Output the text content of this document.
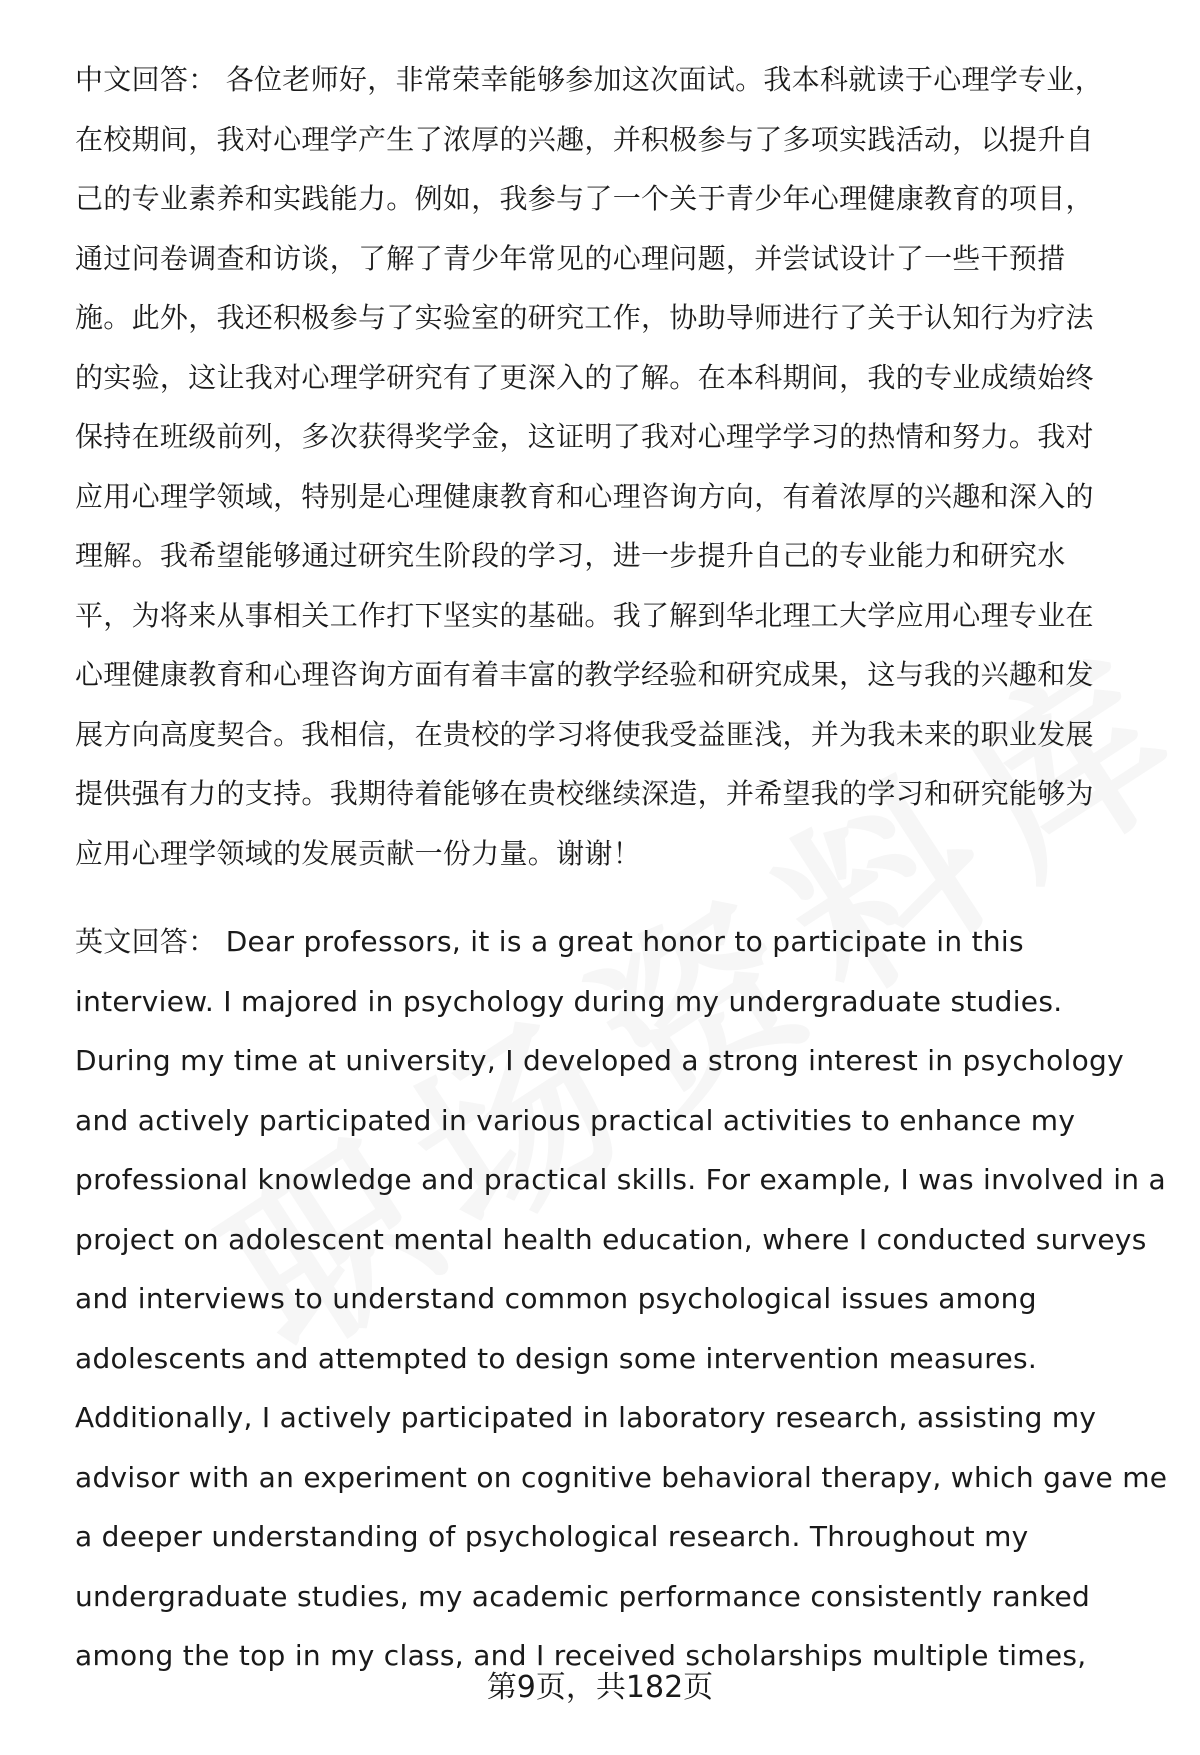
中文回答： 各位老师好，非常荣幸能够参加这次面试。我本科就读于心理学专业，
在校期间，我对心理学产生了浓厚的兴趣，并积极参与了多项实践活动，以提升自
己的专业素养和实践能力。例如，我参与了一个关于青少年心理健康教育的项目，
通过问卷调查和访谈，了解了青少年常见的心理问题，并尝试设计了一些干预措
施。此外，我还积极参与了实验室的研究工作，协助导师进行了关于认知行为疗法
的实验，这让我对心理学研究有了更深入的了解。在本科期间，我的专业成绩始终
保持在班级前列，多次获得奖学金，这证明了我对心理学学习的热情和努力。我对
应用心理学领域，特别是心理健康教育和心理咨询方向，有着浓厚的兴趣和深入的
理解。我希望能够通过研究生阶段的学习，进一步提升自己的专业能力和研究水
平，为将来从事相关工作打下坚实的基础。我了解到华北理工大学应用心理专业在
心理健康教育和心理咨询方面有着丰富的教学经验和研究成果，这与我的兴趣和发
展方向高度契合。我相信，在贵校的学习将使我受益匪浅，并为我未来的职业发展
提供强有力的支持。我期待着能够在贵校继续深造，并希望我的学习和研究能够为
应用心理学领域的发展贡献一份力量。谢谢！
英文回答： Dear professors, it is a great honor to participate in this
interview. I majored in psychology during my undergraduate studies.
During my time at university, I developed a strong interest in psychology
and actively participated in various practical activities to enhance my
professional knowledge and practical skills. For example, I was involved in a
project on adolescent mental health education, where I conducted surveys
and interviews to understand common psychological issues among
adolescents and attempted to design some intervention measures.
Additionally, I actively participated in laboratory research, assisting my
advisor with an experiment on cognitive behavioral therapy, which gave me
a deeper understanding of psychological research. Throughout my
undergraduate studies, my academic performance consistently ranked
among the top in my class, and I received scholarships multiple times,
第9页，共182页
